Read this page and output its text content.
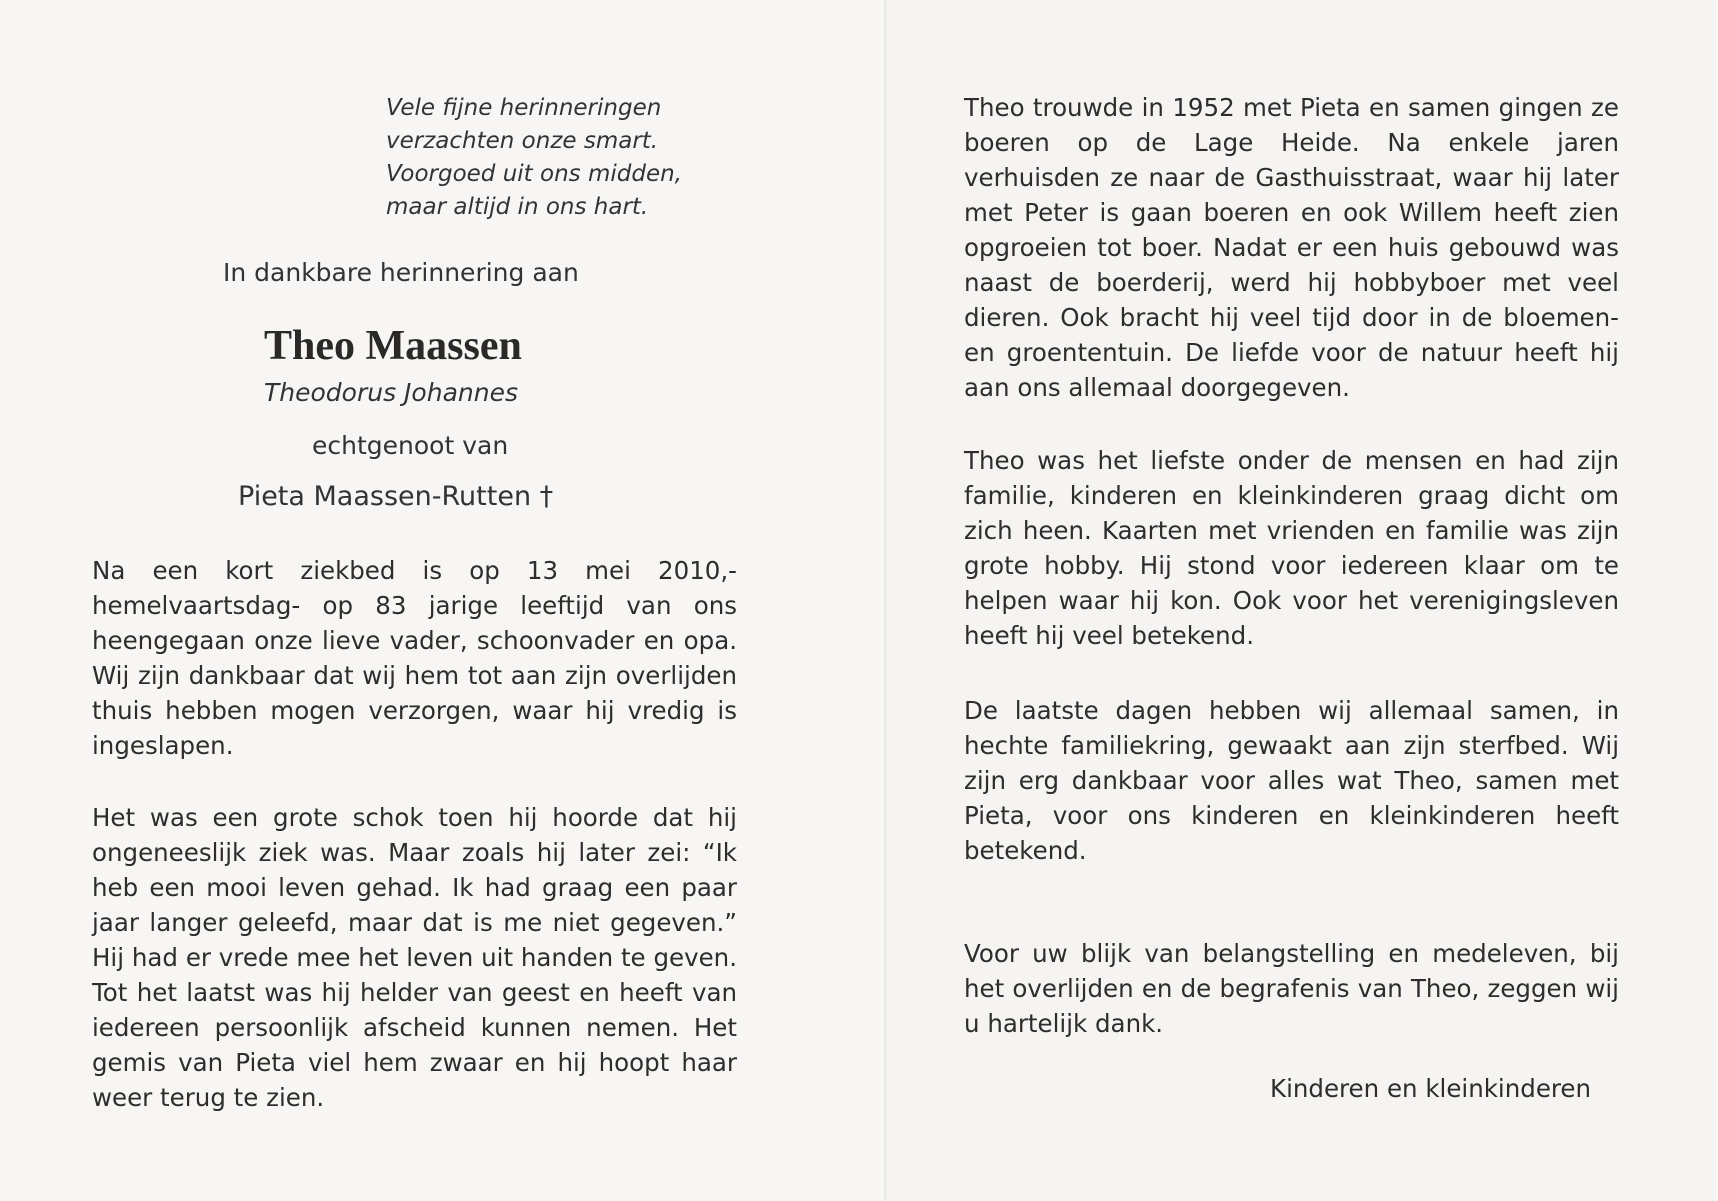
Vele fijne herinneringen
verzachten onze smart.
Voorgoed uit ons midden,
maar altijd in ons hart.
In dankbare herinnering aan
Theo Maassen
Theodorus Johannes
echtgenoot van
Pieta Maassen-Rutten †
Na een kort ziekbed is op 13 mei 2010,-hemelvaartsdag- op 83 jarige leeftijd van ons heengegaan onze lieve vader, schoonvader en opa. Wij zijn dankbaar dat wij hem tot aan zijn overlijden thuis hebben mogen verzorgen, waar hij vredig is ingeslapen.
Het was een grote schok toen hij hoorde dat hij ongeneeslijk ziek was. Maar zoals hij later zei: “Ik heb een mooi leven gehad. Ik had graag een paar jaar langer geleefd, maar dat is me niet gegeven.” Hij had er vrede mee het leven uit handen te geven. Tot het laatst was hij helder van geest en heeft van iedereen persoonlijk afscheid kunnen nemen. Het gemis van Pieta viel hem zwaar en hij hoopt haar weer terug te zien.
Theo trouwde in 1952 met Pieta en samen gingen ze boeren op de Lage Heide. Na enkele jaren verhuisden ze naar de Gasthuisstraat, waar hij later met Peter is gaan boeren en ook Willem heeft zien opgroeien tot boer. Nadat er een huis gebouwd was naast de boerderij, werd hij hobbyboer met veel dieren. Ook bracht hij veel tijd door in de bloemen- en groententuin. De liefde voor de natuur heeft hij aan ons allemaal doorgegeven.
Theo was het liefste onder de mensen en had zijn familie, kinderen en kleinkinderen graag dicht om zich heen. Kaarten met vrienden en familie was zijn grote hobby. Hij stond voor iedereen klaar om te helpen waar hij kon. Ook voor het verenigingsleven heeft hij veel betekend.
De laatste dagen hebben wij allemaal samen, in hechte familiekring, gewaakt aan zijn sterfbed. Wij zijn erg dankbaar voor alles wat Theo, samen met Pieta, voor ons kinderen en kleinkinderen heeft betekend.
Voor uw blijk van belangstelling en medeleven, bij het overlijden en de begrafenis van Theo, zeggen wij u hartelijk dank.
Kinderen en kleinkinderen
